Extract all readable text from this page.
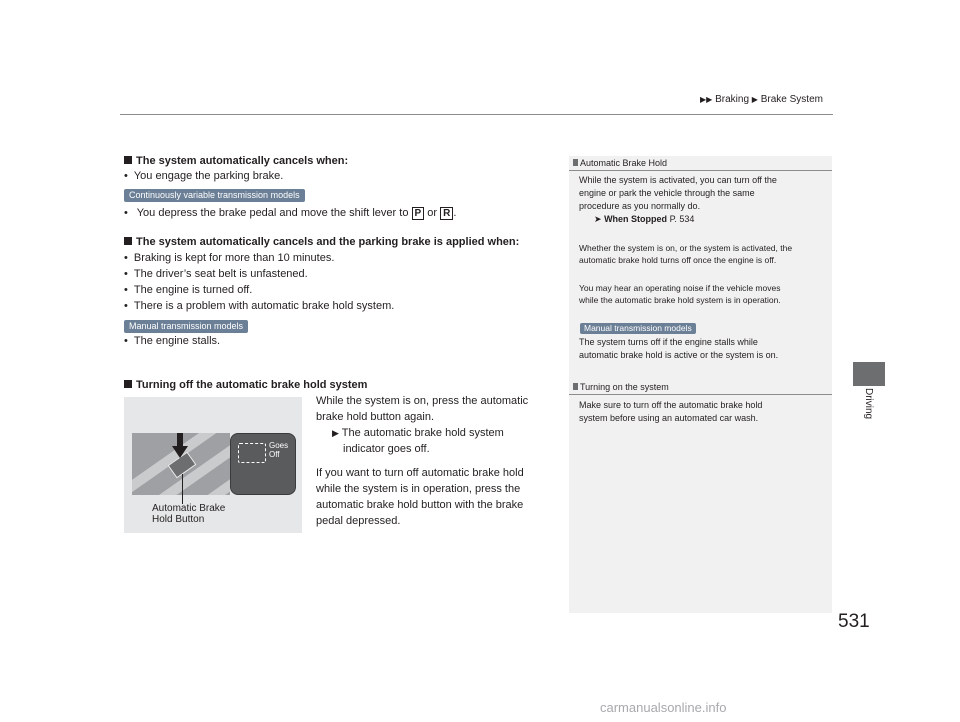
▶▶ Braking ▶ Brake System
Driving
531
The system automatically cancels when:
• You engage the parking brake.
Continuously variable transmission models
• You depress the brake pedal and move the shift lever to P or R .
The system automatically cancels and the parking brake is applied when:
• Braking is kept for more than 10 minutes.
• The driver’s seat belt is unfastened.
• The engine is turned off.
• There is a problem with automatic brake hold system.
Manual transmission models
• The engine stalls.
Turning off the automatic brake hold system
While the system is on, press the automatic
brake hold button again.
▶ The automatic brake hold system
indicator goes off.
If you want to turn off automatic brake hold
while the system is in operation, press the
automatic brake hold button with the brake
pedal depressed.
Goes
Off
Automatic Brake
Hold Button
Automatic Brake Hold
While the system is activated, you can turn off the
engine or park the vehicle through the same
procedure as you normally do.
➤ When Stopped P. 534
Whether the system is on, or the system is activated, the
automatic brake hold turns off once the engine is off.
You may hear an operating noise if the vehicle moves
while the automatic brake hold system is in operation.
Manual transmission models
The system turns off if the engine stalls while
automatic brake hold is active or the system is on.
Turning on the system
Make sure to turn off the automatic brake hold
system before using an automated car wash.
carmanualsonline.info
